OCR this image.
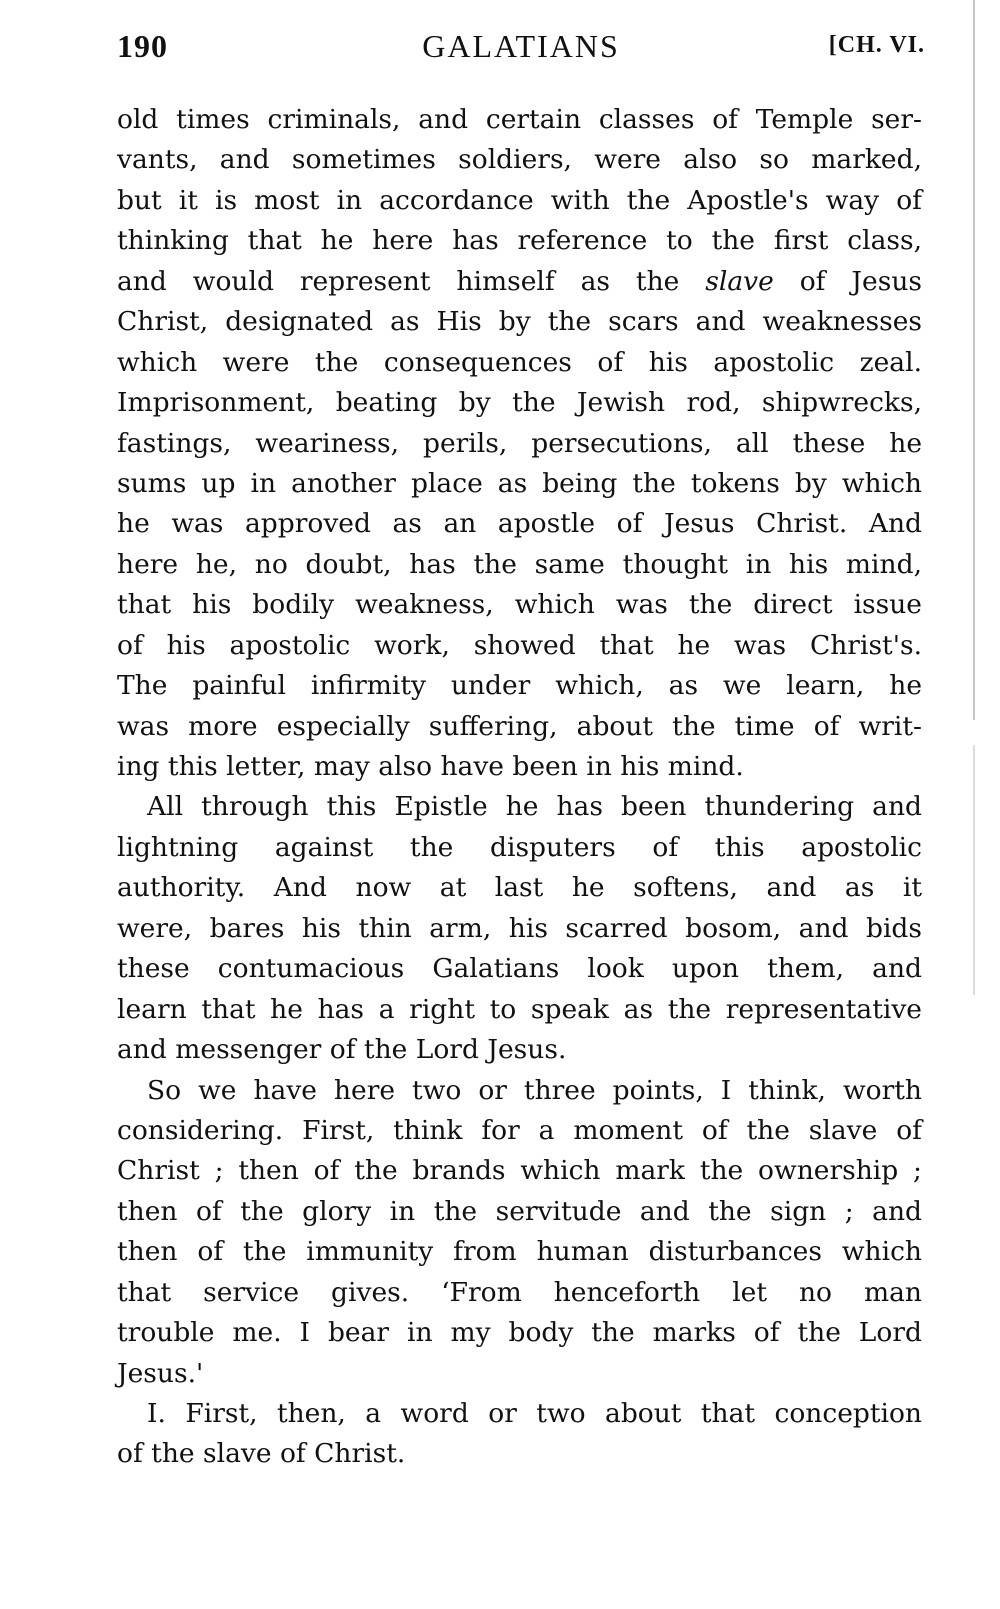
190	GALATIANS	[CH. VI.
old times criminals, and certain classes of Temple ser-
vants, and sometimes soldiers, were also so marked,
but it is most in accordance with the Apostle's way of
thinking that he here has reference to the first class,
and would represent himself as the slave of Jesus
Christ, designated as His by the scars and weaknesses
which were the consequences of his apostolic zeal.
Imprisonment, beating by the Jewish rod, shipwrecks,
fastings, weariness, perils, persecutions, all these he
sums up in another place as being the tokens by which
he was approved as an apostle of Jesus Christ. And
here he, no doubt, has the same thought in his mind,
that his bodily weakness, which was the direct issue
of his apostolic work, showed that he was Christ's.
The painful infirmity under which, as we learn, he
was more especially suffering, about the time of writ-
ing this letter, may also have been in his mind.
All through this Epistle he has been thundering and
lightning against the disputers of this apostolic
authority. And now at last he softens, and as it
were, bares his thin arm, his scarred bosom, and bids
these contumacious Galatians look upon them, and
learn that he has a right to speak as the representative
and messenger of the Lord Jesus.
So we have here two or three points, I think, worth
considering. First, think for a moment of the slave of
Christ ; then of the brands which mark the ownership ;
then of the glory in the servitude and the sign ; and
then of the immunity from human disturbances which
that service gives. ‘From henceforth let no man
trouble me. I bear in my body the marks of the Lord
Jesus.'
I. First, then, a word or two about that conception
of the slave of Christ.
